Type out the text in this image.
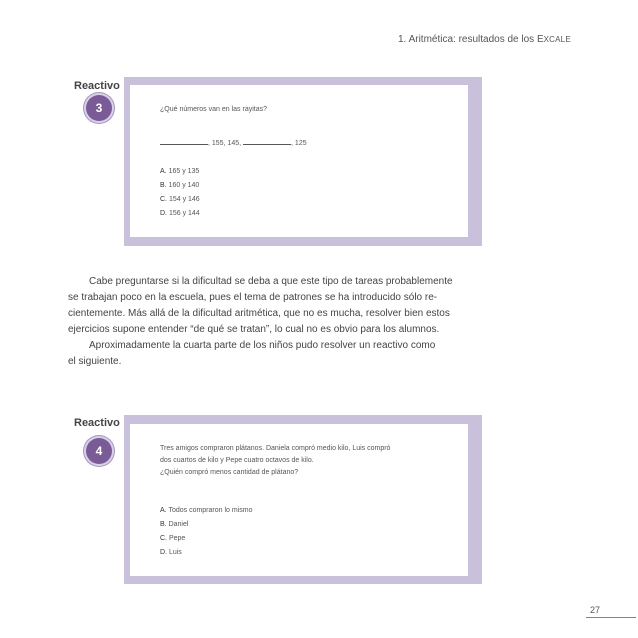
1. Aritmética: resultados de los EXCALE
Reactivo
3	¿Qué números van en las rayitas?
, 155, 145,	, 125
A. 165 y 135
B. 160 y 140
C. 154 y 146
D. 156 y 144
Cabe preguntarse si la dificultad se deba a que este tipo de tareas probablemente
se trabajan poco en la escuela, pues el tema de patrones se ha introducido sólo re-
cientemente. Más allá de la dificultad aritmética, que no es mucha, resolver bien estos
ejercicios supone entender “de qué se tratan”, lo cual no es obvio para los alumnos.
Aproximadamente la cuarta parte de los niños pudo resolver un reactivo como
el siguiente.
Reactivo
4	Tres amigos compraron plátanos. Daniela compró medio kilo, Luis compró
dos cuartos de kilo y Pepe cuatro octavos de kilo.
¿Quién compró menos cantidad de plátano?
A. Todos compraron lo mismo
B. Daniel
C. Pepe
D. Luis
27
